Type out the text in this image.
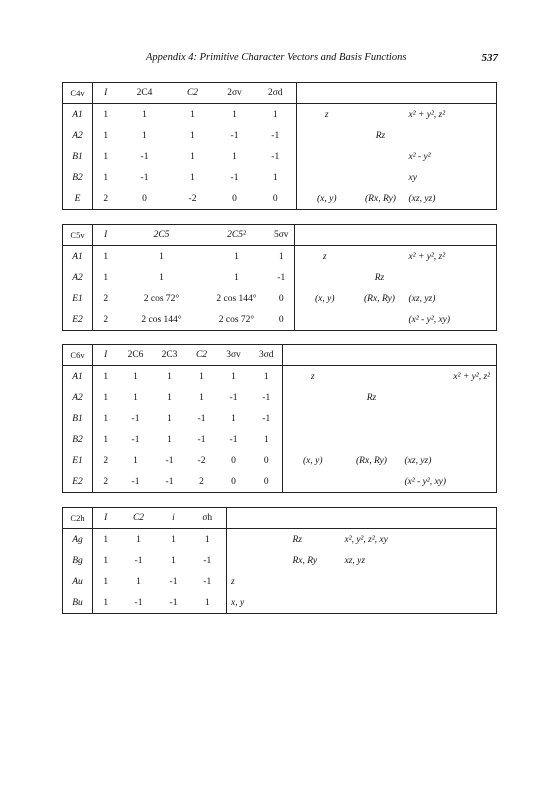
Appendix 4: Primitive Character Vectors and Basis Functions	537
C4v	I	2C4	C2	2σv	2σd			
A1	1	1	1	1	1	z		x² + y², z²
A2	1	1	1	-1	-1		Rz	
B1	1	-1	1	1	-1			x² - y²
B2	1	-1	1	-1	1			xy
E	2	0	-2	0	0	(x, y)	(Rx, Ry)	(xz, yz)
C5v	I	2C5	2C5²	5σv			
A1	1	1	1	1	z		x² + y², z²
A2	1	1	1	-1		Rz	
E1	2	2 cos 72°	2 cos 144°	0	(x, y)	(Rx, Ry)	(xz, yz)
E2	2	2 cos 144°	2 cos 72°	0			(x² - y², xy)
C6v	I	2C6	2C3	C2	3σv	3σd			
A1	1	1	1	1	1	1	z		x² + y², z²
A2	1	1	1	1	-1	-1		Rz	
B1	1	-1	1	-1	1	-1			
B2	1	-1	1	-1	-1	1			
E1	2	1	-1	-2	0	0	(x, y)	(Rx, Ry)	(xz, yz)
E2	2	-1	-1	2	0	0			(x² - y², xy)
C2h	I	C2	i	σh			
Ag	1	1	1	1		Rz	x², y², z², xy
Bg	1	-1	1	-1		Rx, Ry	xz, yz
Au	1	1	-1	-1	z		
Bu	1	-1	-1	1	x, y		
